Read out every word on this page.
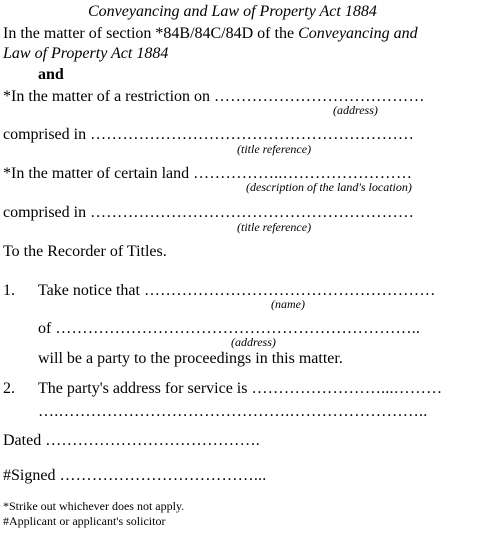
Conveyancing and Law of Property Act 1884
In the matter of section *84B/84C/84D of the Conveyancing and
Law of Property Act 1884
and
*In the matter of a restriction on …………………………………
(address)
comprised in ……………………………………………………
(title reference)
*In the matter of certain land ……………..……………………
(description of the land's location)
comprised in ……………………………………………………
(title reference)
To the Recorder of Titles.
1. Take notice that ………………………………………………
(name)
of …………………………………………………………..
(address)
will be a party to the proceedings in this matter.
2. The party's address for service is ……………………...………
….…………………………………….……………………..
Dated ………………………………….
#Signed ………………………………...
*Strike out whichever does not apply.
#Applicant or applicant's solicitor
